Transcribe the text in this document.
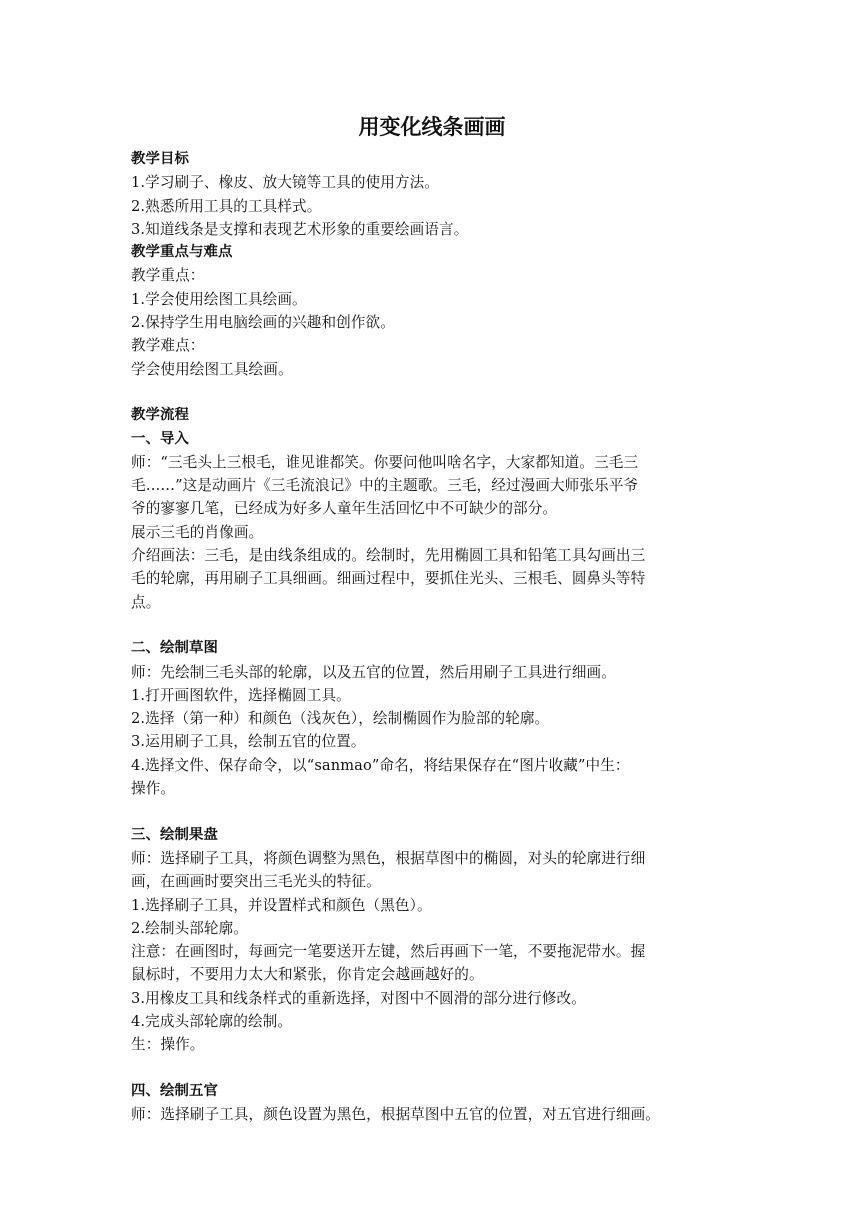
用变化线条画画

教学目标

1.学习刷子、橡皮、放大镜等工具的使用方法。

2.熟悉所用工具的工具样式。

3.知道线条是支撑和表现艺术形象的重要绘画语言。

教学重点与难点

教学重点：

1.学会使用绘图工具绘画。

2.保持学生用电脑绘画的兴趣和创作欲。

教学难点：

学会使用绘图工具绘画。

教学流程

一、导入

师：“三毛头上三根毛，谁见谁都笑。你要问他叫啥名字，大家都知道。三毛三

毛……”这是动画片《三毛流浪记》中的主题歌。三毛，经过漫画大师张乐平爷

爷的寥寥几笔，已经成为好多人童年生活回忆中不可缺少的部分。

展示三毛的肖像画。

介绍画法：三毛，是由线条组成的。绘制时，先用椭圆工具和铅笔工具勾画出三

毛的轮廓，再用刷子工具细画。细画过程中，要抓住光头、三根毛、圆鼻头等特

点。

二、绘制草图

师：先绘制三毛头部的轮廓，以及五官的位置，然后用刷子工具进行细画。

1.打开画图软件，选择椭圆工具。

2.选择（第一种）和颜色（浅灰色），绘制椭圆作为脸部的轮廓。

3.运用刷子工具，绘制五官的位置。

4.选择文件、保存命令，以“sanmao”命名，将结果保存在“图片收藏”中生：

操作。

三、绘制果盘

师：选择刷子工具，将颜色调整为黑色，根据草图中的椭圆，对头的轮廓进行细

画，在画画时要突出三毛光头的特征。

1.选择刷子工具，并设置样式和颜色（黑色）。

2.绘制头部轮廓。

注意：在画图时，每画完一笔要送开左键，然后再画下一笔，不要拖泥带水。握

鼠标时，不要用力太大和紧张，你肯定会越画越好的。

3.用橡皮工具和线条样式的重新选择，对图中不圆滑的部分进行修改。

4.完成头部轮廓的绘制。

生：操作。

四、绘制五官

师：选择刷子工具，颜色设置为黑色，根据草图中五官的位置，对五官进行细画。
